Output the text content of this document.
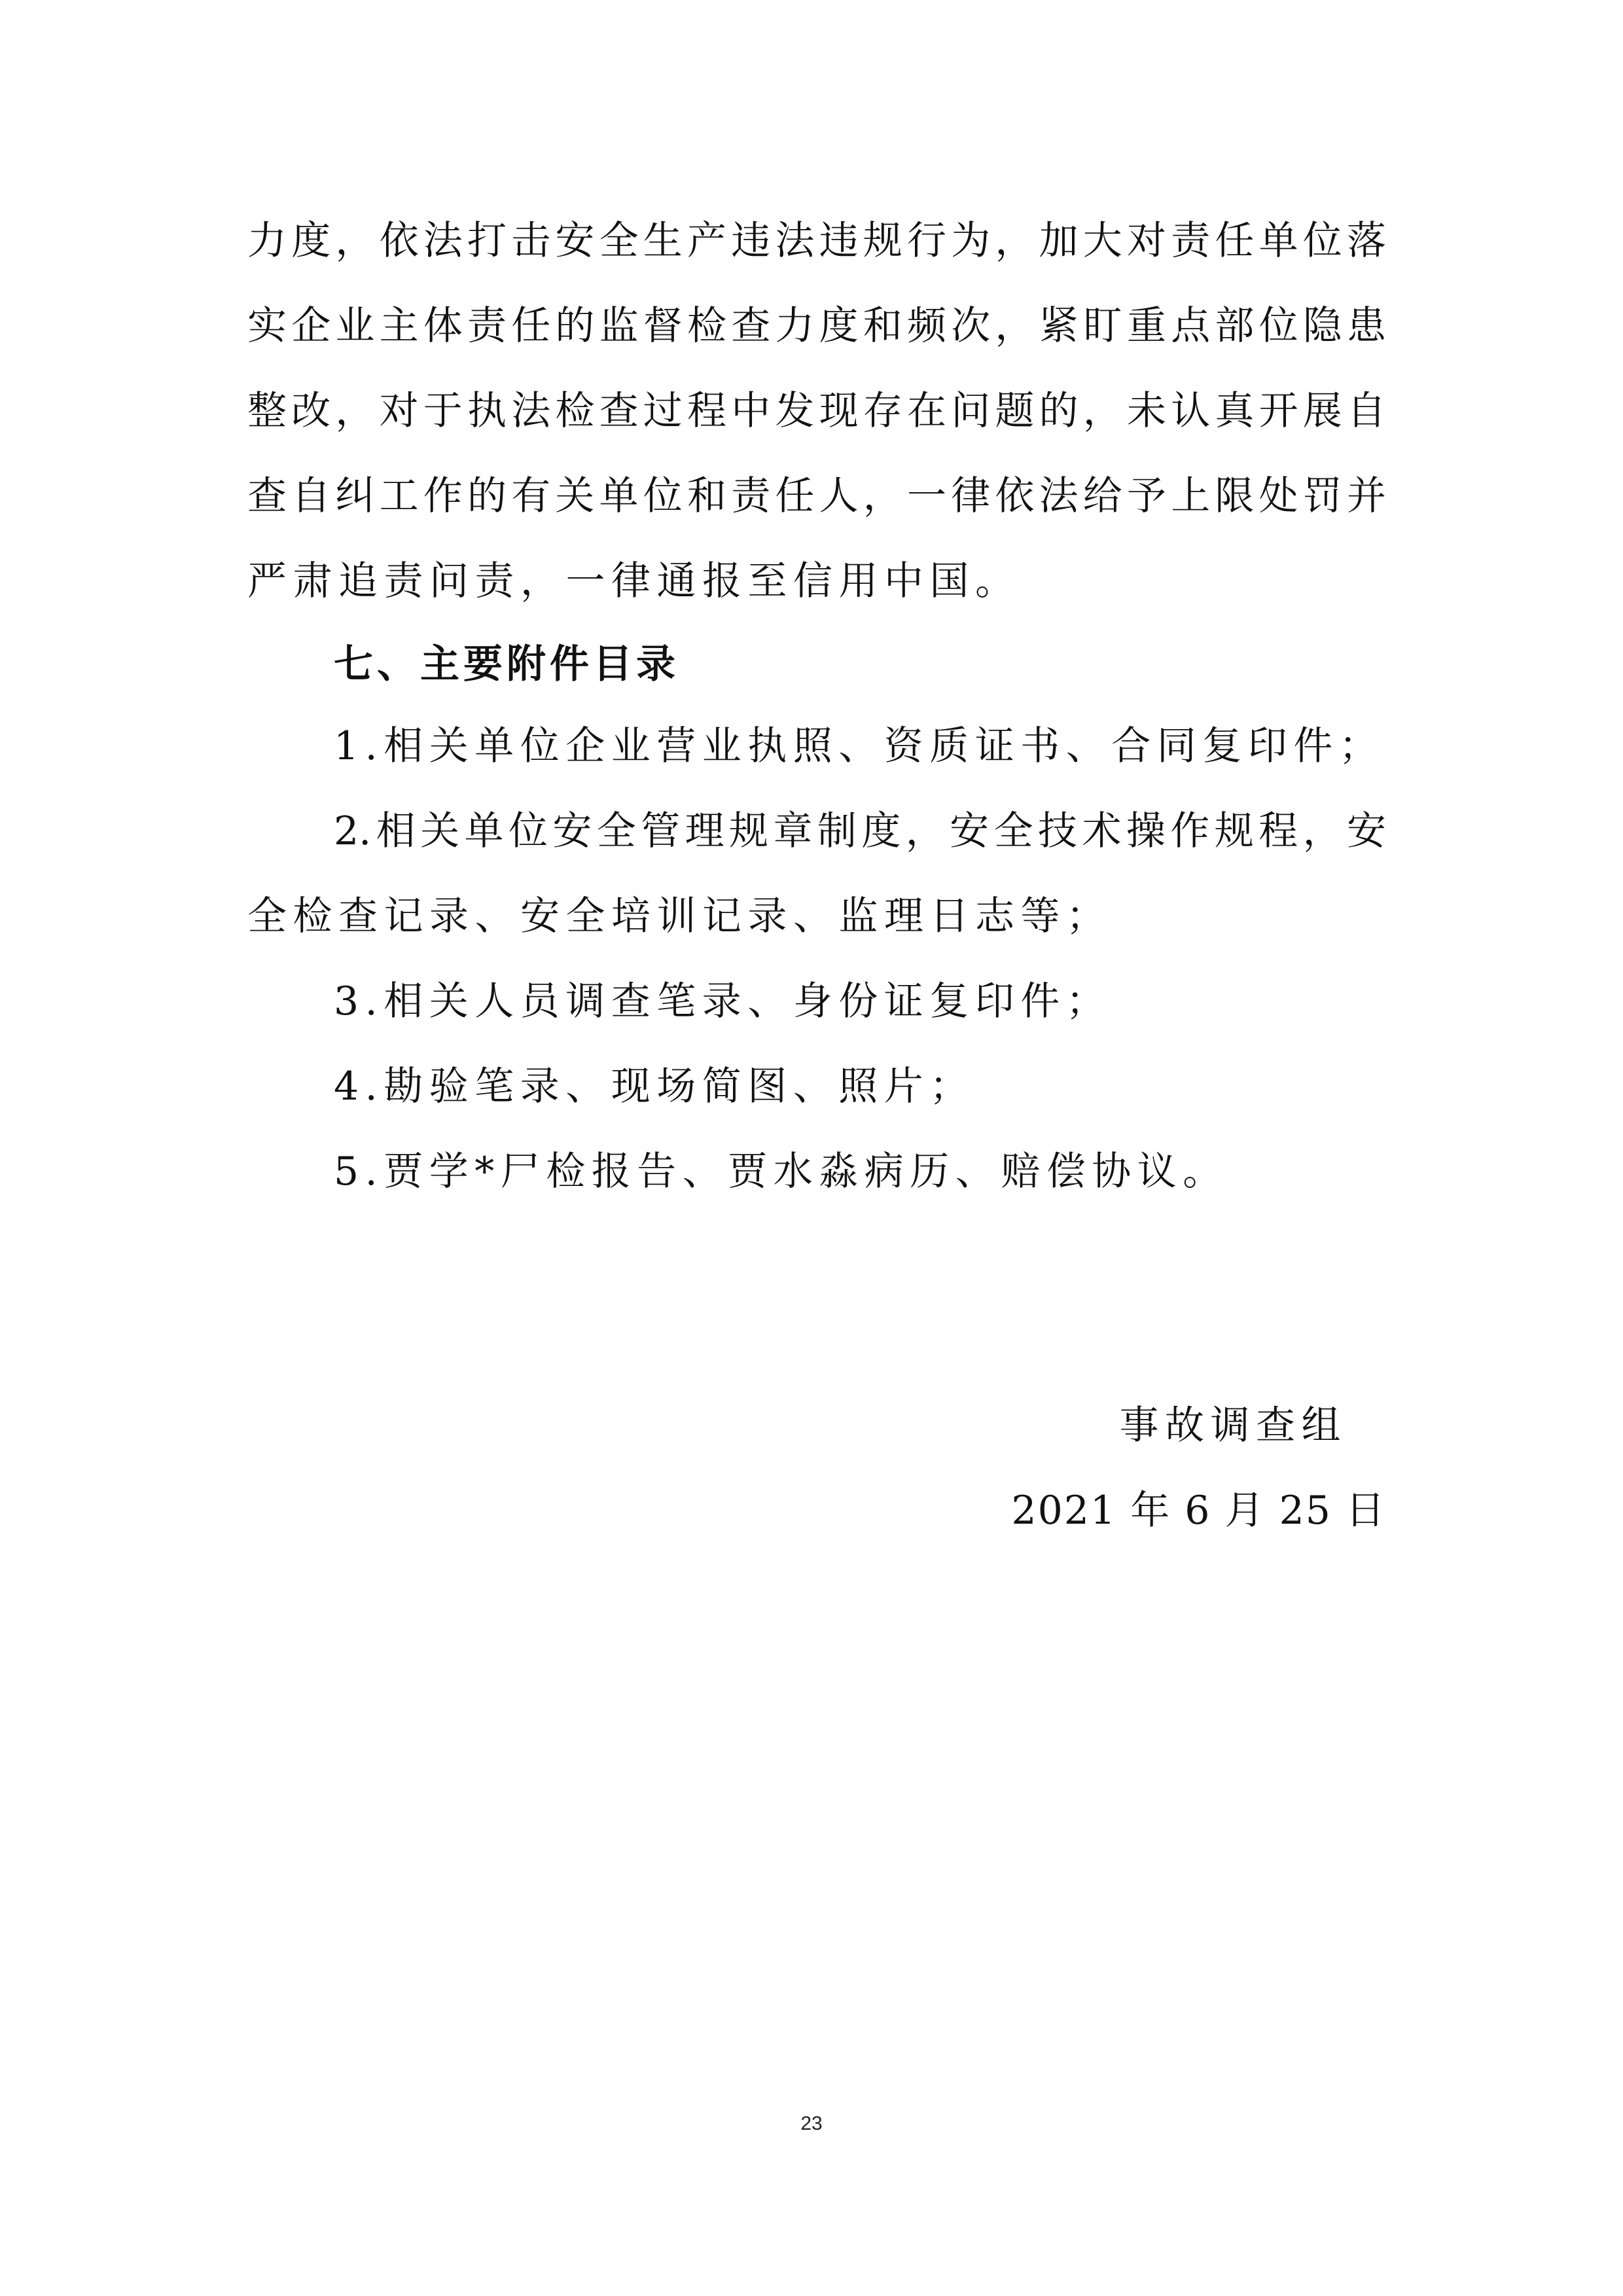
力度，依法打击安全生产违法违规行为，加大对责任单位落
实企业主体责任的监督检查力度和频次，紧盯重点部位隐患
整改，对于执法检查过程中发现存在问题的，未认真开展自
查自纠工作的有关单位和责任人，一律依法给予上限处罚并
严肃追责问责，一律通报至信用中国。
七、主要附件目录
1.相关单位企业营业执照、资质证书、合同复印件；
2.相关单位安全管理规章制度，安全技术操作规程，安
全检查记录、安全培训记录、监理日志等；
3.相关人员调查笔录、身份证复印件；
4.勘验笔录、现场简图、照片；
5.贾学*尸检报告、贾水淼病历、赔偿协议。
事故调查组
2021 年 6 月 25 日
23
